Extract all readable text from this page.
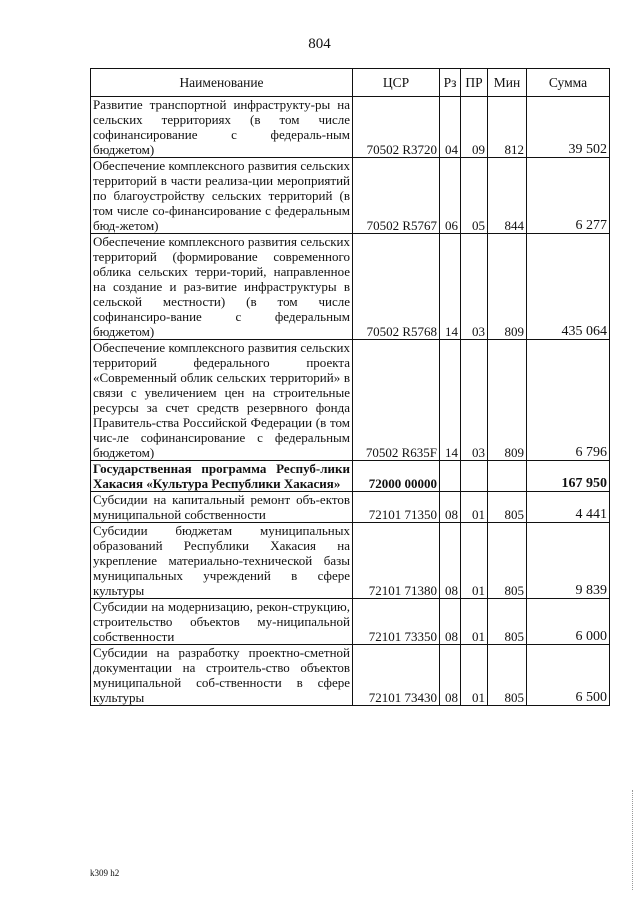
804
Наименование	ЦСР	Рз	ПР	Мин	Сумма
Развитие транспортной инфраструкту-ры на сельских территориях (в том числе софинансирование с федераль-ным бюджетом)	70502 R3720	04	09	812	39 502
Обеспечение комплексного развития сельских территорий в части реализа-ции мероприятий по благоустройству сельских территорий (в том числе со-финансирование с федеральным бюд-жетом)	70502 R5767	06	05	844	6 277
Обеспечение комплексного развития сельских территорий (формирование современного облика сельских терри-торий, направленное на создание и раз-витие инфраструктуры в сельской местности) (в том числе софинансиро-вание с федеральным бюджетом)	70502 R5768	14	03	809	435 064
Обеспечение комплексного развития сельских территорий федерального проекта «Современный облик сельских территорий» в связи с увеличением цен на строительные ресурсы за счет средств резервного фонда Правитель-ства Российской Федерации (в том чис-ле софинансирование с федеральным бюджетом)	70502 R635F	14	03	809	6 796
Государственная программа Респуб-лики Хакасия «Культура Республики Хакасия»	72000 00000				167 950
Субсидии на капитальный ремонт объ-ектов муниципальной собственности	72101 71350	08	01	805	4 441
Субсидии бюджетам муниципальных образований Республики Хакасия на укрепление материально-технической базы муниципальных учреждений в сфере культуры	72101 71380	08	01	805	9 839
Субсидии на модернизацию, рекон-струкцию, строительство объектов му-ниципальной собственности	72101 73350	08	01	805	6 000
Субсидии на разработку проектно-сметной документации на строитель-ство объектов муниципальной соб-ственности в сфере культуры	72101 73430	08	01	805	6 500
k309 h2
